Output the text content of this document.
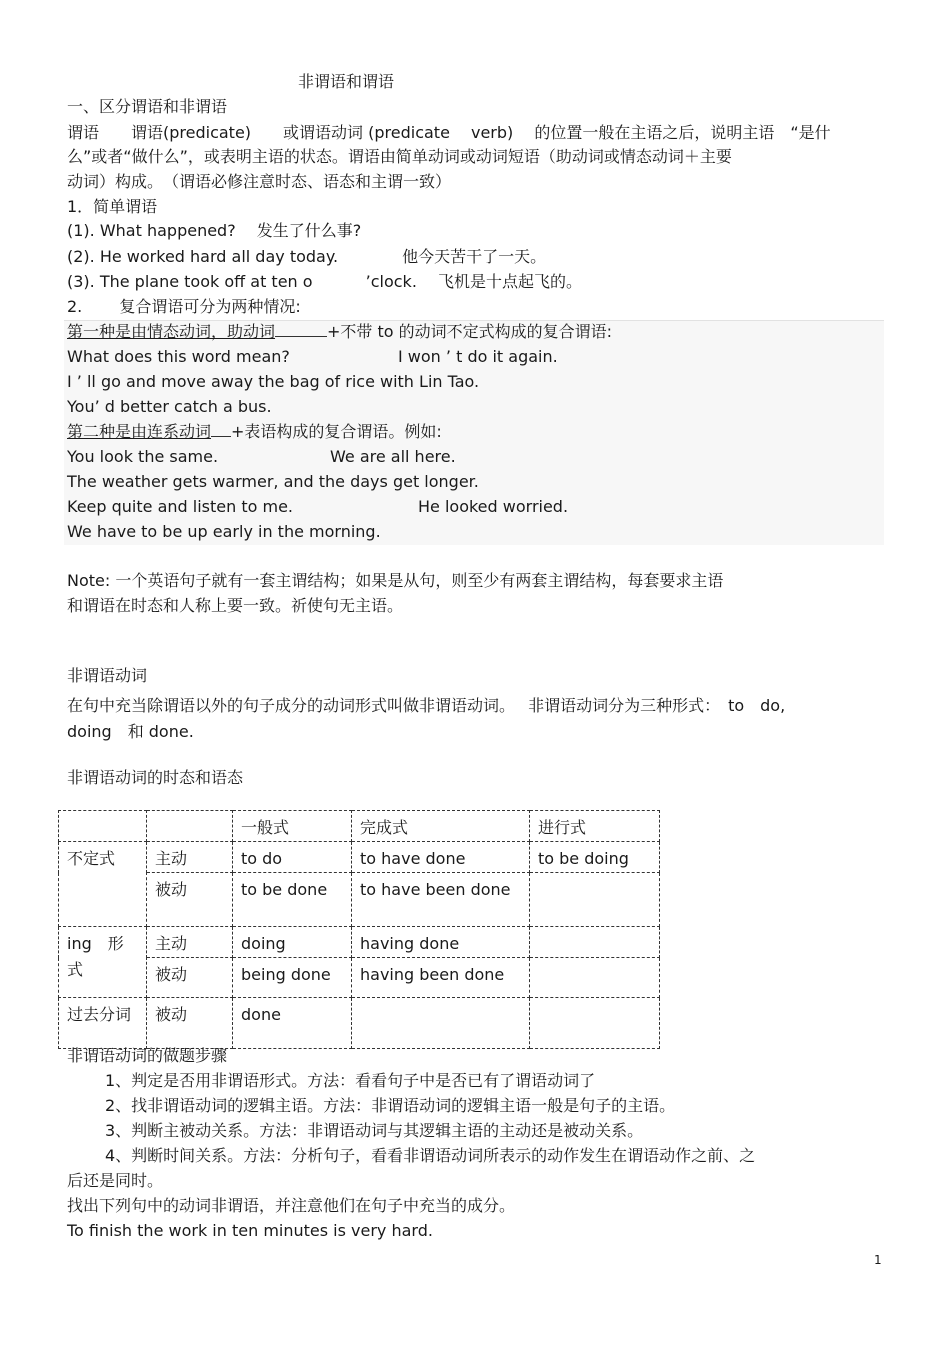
非谓语和谓语
一、区分谓语和非谓语
谓语　　谓语(predicate)　　或谓语动词 (predicate　 verb)　 的位置一般在主语之后，说明主语　“是什
么”或者“做什么”，或表明主语的状态。谓语由简单动词或动词短语（助动词或情态动词＋主要
动词）构成。　（谓语必修注意时态、语态和主谓一致）
1．简单谓语
(1). What happened?　 发生了什么事?
(2). He worked hard all day today.　　　　他今天苦干了一天。
(3). The plane took off at ten o　　　 ’clock.　 飞机是十点起飞的。
2.　　 复合谓语可分为两种情况:
第一种是由情态动词，助动词	+不带 to 的动词不定式构成的复合谓语:
What does this word mean?	I won ’ t do it again.
I ’ ll go and move away the bag of rice with Lin Tao.
You’ d better catch a bus.
第二种是由连系动词 +表语构成的复合谓语。例如:
You look the same.	We are all here.
The weather gets warmer, and the days get longer.
Keep quite and listen to me.	He looked worried.
We have to be up early in the morning.
Note: 一个英语句子就有一套主谓结构；如果是从句，则至少有两套主谓结构，每套要求主语
和谓语在时态和人称上要一致。祈使句无主语。
非谓语动词
在句中充当除谓语以外的句子成分的动词形式叫做非谓语动词。　 非谓语动词分为三种形式：　to　do,
doing　和 done.
非谓语动词的时态和语态
		一般式	完成式	进行式
不定式	主动	to do	to have done	to be doing
	被动	to be done	to have been done	
ing　形式	主动	doing	having done	
	被动	being done	having been done	
过去分词	被动	done		
非谓语动词的做题步骤
1、判定是否用非谓语形式。方法：看看句子中是否已有了谓语动词了
2、找非谓语动词的逻辑主语。方法：非谓语动词的逻辑主语一般是句子的主语。
3、判断主被动关系。方法：非谓语动词与其逻辑主语的主动还是被动关系。
4、判断时间关系。方法：分析句子，看看非谓语动词所表示的动作发生在谓语动作之前、之
后还是同时。
找出下列句中的动词非谓语，并注意他们在句子中充当的成分。
To finish the work in ten minutes is very hard.
1
